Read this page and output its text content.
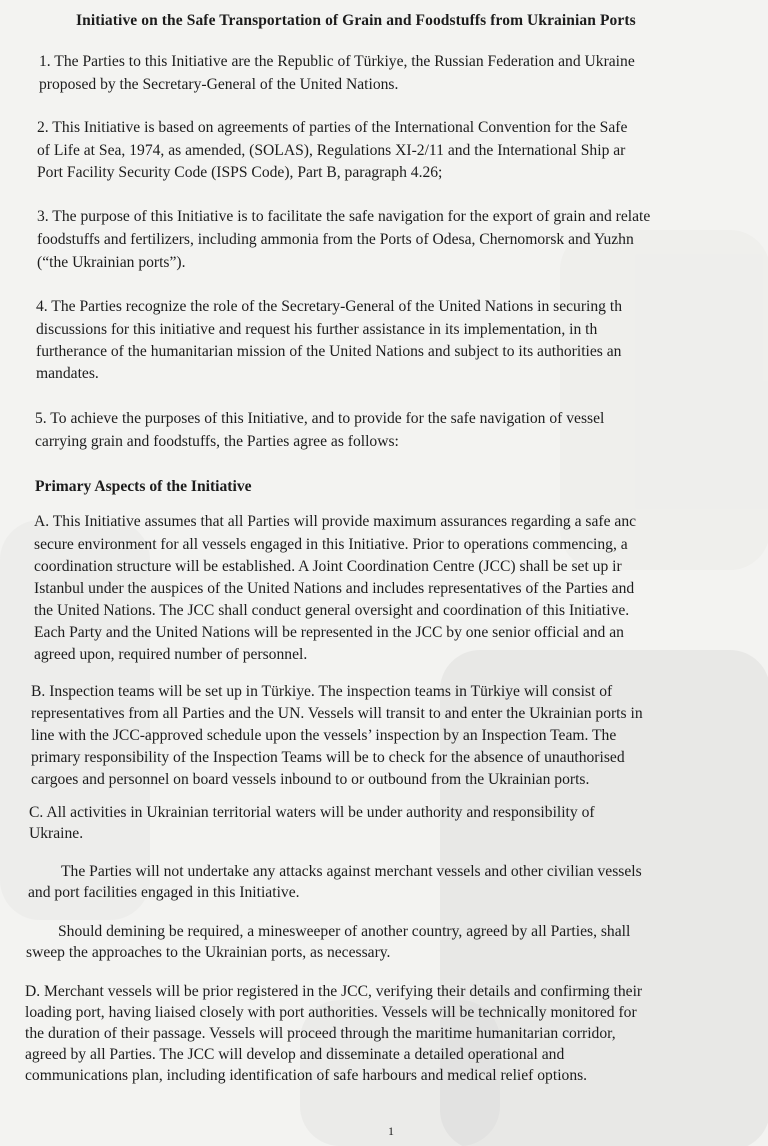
Initiative on the Safe Transportation of Grain and Foodstuffs from Ukrainian Ports
1. The Parties to this Initiative are the Republic of Türkiye, the Russian Federation and Ukraine
proposed by the Secretary-General of the United Nations.
2. This Initiative is based on agreements of parties of the International Convention for the Safe
of Life at Sea, 1974, as amended, (SOLAS), Regulations XI-2/11 and the International Ship ar
Port Facility Security Code (ISPS Code), Part B, paragraph 4.26;
3. The purpose of this Initiative is to facilitate the safe navigation for the export of grain and relate
foodstuffs and fertilizers, including ammonia from the Ports of Odesa, Chernomorsk and Yuzhn
(“the Ukrainian ports”).
4. The Parties recognize the role of the Secretary-General of the United Nations in securing th
discussions for this initiative and request his further assistance in its implementation, in th
furtherance of the humanitarian mission of the United Nations and subject to its authorities an
mandates.
5. To achieve the purposes of this Initiative, and to provide for the safe navigation of vessel
carrying grain and foodstuffs, the Parties agree as follows:
Primary Aspects of the Initiative
A. This Initiative assumes that all Parties will provide maximum assurances regarding a safe anc
secure environment for all vessels engaged in this Initiative. Prior to operations commencing, a
coordination structure will be established. A Joint Coordination Centre (JCC) shall be set up ir
Istanbul under the auspices of the United Nations and includes representatives of the Parties and
the United Nations. The JCC shall conduct general oversight and coordination of this Initiative.
Each Party and the United Nations will be represented in the JCC by one senior official and an
agreed upon, required number of personnel.
B. Inspection teams will be set up in Türkiye. The inspection teams in Türkiye will consist of
representatives from all Parties and the UN. Vessels will transit to and enter the Ukrainian ports in
line with the JCC-approved schedule upon the vessels’ inspection by an Inspection Team. The
primary responsibility of the Inspection Teams will be to check for the absence of unauthorised
cargoes and personnel on board vessels inbound to or outbound from the Ukrainian ports.
C. All activities in Ukrainian territorial waters will be under authority and responsibility of
Ukraine.
The Parties will not undertake any attacks against merchant vessels and other civilian vessels
and port facilities engaged in this Initiative.
Should demining be required, a minesweeper of another country, agreed by all Parties, shall
sweep the approaches to the Ukrainian ports, as necessary.
D. Merchant vessels will be prior registered in the JCC, verifying their details and confirming their
loading port, having liaised closely with port authorities. Vessels will be technically monitored for
the duration of their passage. Vessels will proceed through the maritime humanitarian corridor,
agreed by all Parties. The JCC will develop and disseminate a detailed operational and
communications plan, including identification of safe harbours and medical relief options.
1
